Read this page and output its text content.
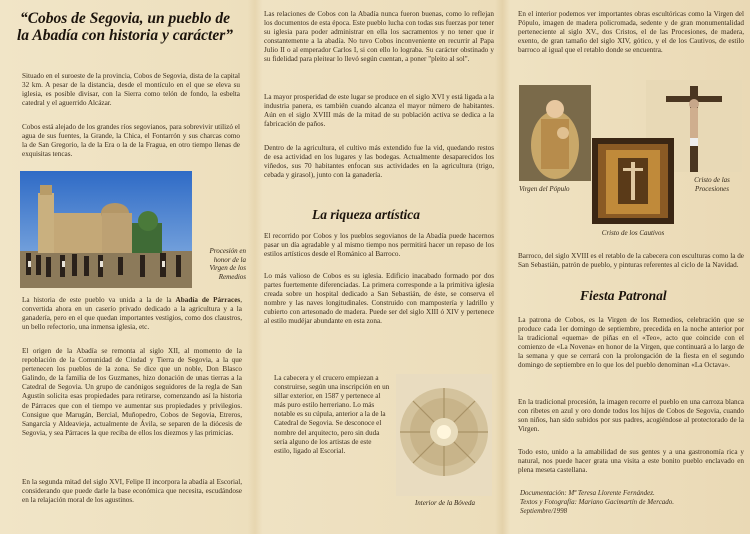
“Cobos de Segovia, un pueblo de la Abadía con historia y carácter”

Situado en el suroeste de la provincia, Cobos de Segovia, dista de la capital 32 km. A pesar de la distancia, desde el montículo en el que se eleva su iglesia, es posible divisar, con la Sierra como telón de fondo, la esbelta catedral y el aguerrido Alcázar.

Cobos está alejado de los grandes ríos segovianos, para sobrevivir utilizó el agua de sus fuentes, la Grande, la Chica, el Fontarrón y sus charcas como la de San Gregorio, la de la Era o la de la Fragua, en otro tiempo llenas de exquisitas tencas.

Procesión en honor de la Virgen de los Remedios

La historia de este pueblo va unida a la de la Abadía de Párraces, convertida ahora en un caserío privado dedicado a la agricultura y a la ganadería, pero en el que quedan importantes vestigios, como dos claustros, un bello refectorio, una inmensa iglesia, etc.

El origen de la Abadía se remonta al siglo XII, al momento de la repoblación de la Comunidad de Ciudad y Tierra de Segovia, a la que pertenecen los pueblos de la zona. Se dice que un noble, Don Blasco Galindo, de la familia de los Guzmanes, hizo donación de unas tierras a la Catedral de Segovia. Un grupo de canónigos seguidores de la regla de San Agustín solicita esas propiedades para retirarse, comenzando así la historia de Párraces que con el tiempo ve aumentar sus propiedades y privilegios. Consigue que Marugán, Bercial, Muñopedro, Cobos de Segovia, Etreros, Sangarcía y Aldeavieja, actualmente de Ávila, se separen de la diócesis de Segovia, y sea Párraces la que reciba de ellos los diezmos y las primicias.

En la segunda mitad del siglo XVI, Felipe II incorpora la abadía al Escorial, considerando que puede darle la base económica que necesita, escudándose en la relajación moral de los agustinos.

Las relaciones de Cobos con la Abadía nunca fueron buenas, como lo reflejan los documentos de esta época. Este pueblo lucha con todas sus fuerzas por tener su iglesia para poder administrar en ella los sacramentos y no tener que ir constantemente a la abadía. No tuvo Cobos inconveniente en recurrir al Papa Julio II o al emperador Carlos I, si con ello lo lograba. Su carácter obstinado y su fidelidad para pleitear lo llevó según cuentan, a poner "pleito al sol".

La mayor prosperidad de este lugar se produce en el siglo XVI y está ligada a la industria panera, es también cuando alcanza el mayor número de habitantes. Aún en el siglo XVIII más de la mitad de su población activa se dedica a la fabricación de paños.

Dentro de la agricultura, el cultivo más extendido fue la vid, quedando restos de esa actividad en los lugares y las bodegas. Actualmente desaparecidos los viñedos, sus 70 habitantes enfocan sus actividades en la agricultura (trigo, cebada y girasol), junto con la ganadería.

La riqueza artística

El recorrido por Cobos y los pueblos segovianos de la Abadía puede hacernos pasar un día agradable y al mismo tiempo nos permitirá hacer un repaso de los estilos artísticos desde el Románico al Barroco.

Lo más valioso de Cobos es su iglesia. Edificio inacabado formado por dos partes fuertemente diferenciadas. La primera corresponde a la primitiva iglesia creada sobre un hospital dedicado a San Sebastián, de éste, se conserva el nombre y las naves longitudinales. Construido con mampostería y ladrillo y cubierto con artesonado de madera. Puede ser del siglo XIII ó XIV y pertenece al estilo mudéjar abundante en esta zona.

La cabecera y el crucero empiezan a construirse, según una inscripción en un sillar exterior, en 1587 y pertenece al más puro estilo herreriano. Lo más notable es su cúpula, anterior a la de la Catedral de Segovia. Se desconoce el nombre del arquitecto, pero sin duda sería alguno de los artistas de este estilo, ligado al Escorial.

Interior de la Bóveda

En el interior podemos ver importantes obras escultóricas como la Virgen del Pópulo, imagen de madera policromada, sedente y de gran monumentalidad perteneciente al siglo XV., dos Cristos, el de las Procesiones, de madera, exento, de gran tamaño del siglo XIV, gótico, y el de los Cautivos, de estilo barroco al igual que el retablo donde se encuentra.

Virgen del Pópulo
Cristo de las Procesiones
Cristo de los Cautivos

Barroco, del siglo XVIII es el retablo de la cabecera con esculturas como la de San Sebastián, patrón de pueblo, y pinturas referentes al ciclo de la Navidad.

Fiesta Patronal

La patrona de Cobos, es la Virgen de los Remedios, celebración que se produce cada 1er domingo de septiembre, precedida en la noche anterior por la tradicional «quema» de piñas en el «Teo», acto que coincide con el comienzo de «La Novena» en honor de la Virgen, que continuará a lo largo de la semana y que se cerrará con la prolongación de la fiesta en el segundo domingo de septiembre en lo que los del pueblo denominan «La Octava».

En la tradicional procesión, la imagen recorre el pueblo en una carroza blanca con ribetes en azul y oro donde todos los hijos de Cobos de Segovia, cuando son niños, han sido subidos por sus padres, acogiéndose al protectorado de la Virgen.

Todo esto, unido a la amabilidad de sus gentes y a una gastronomía rica y natural, nos puede hacer grata una visita a este bonito pueblo enclavado en plena meseta castellana.

Documentación: Mª Teresa Llorente Fernández.
Textos y Fotografía: Mariano Gacimartín de Mercado.
Septiembre/1998
